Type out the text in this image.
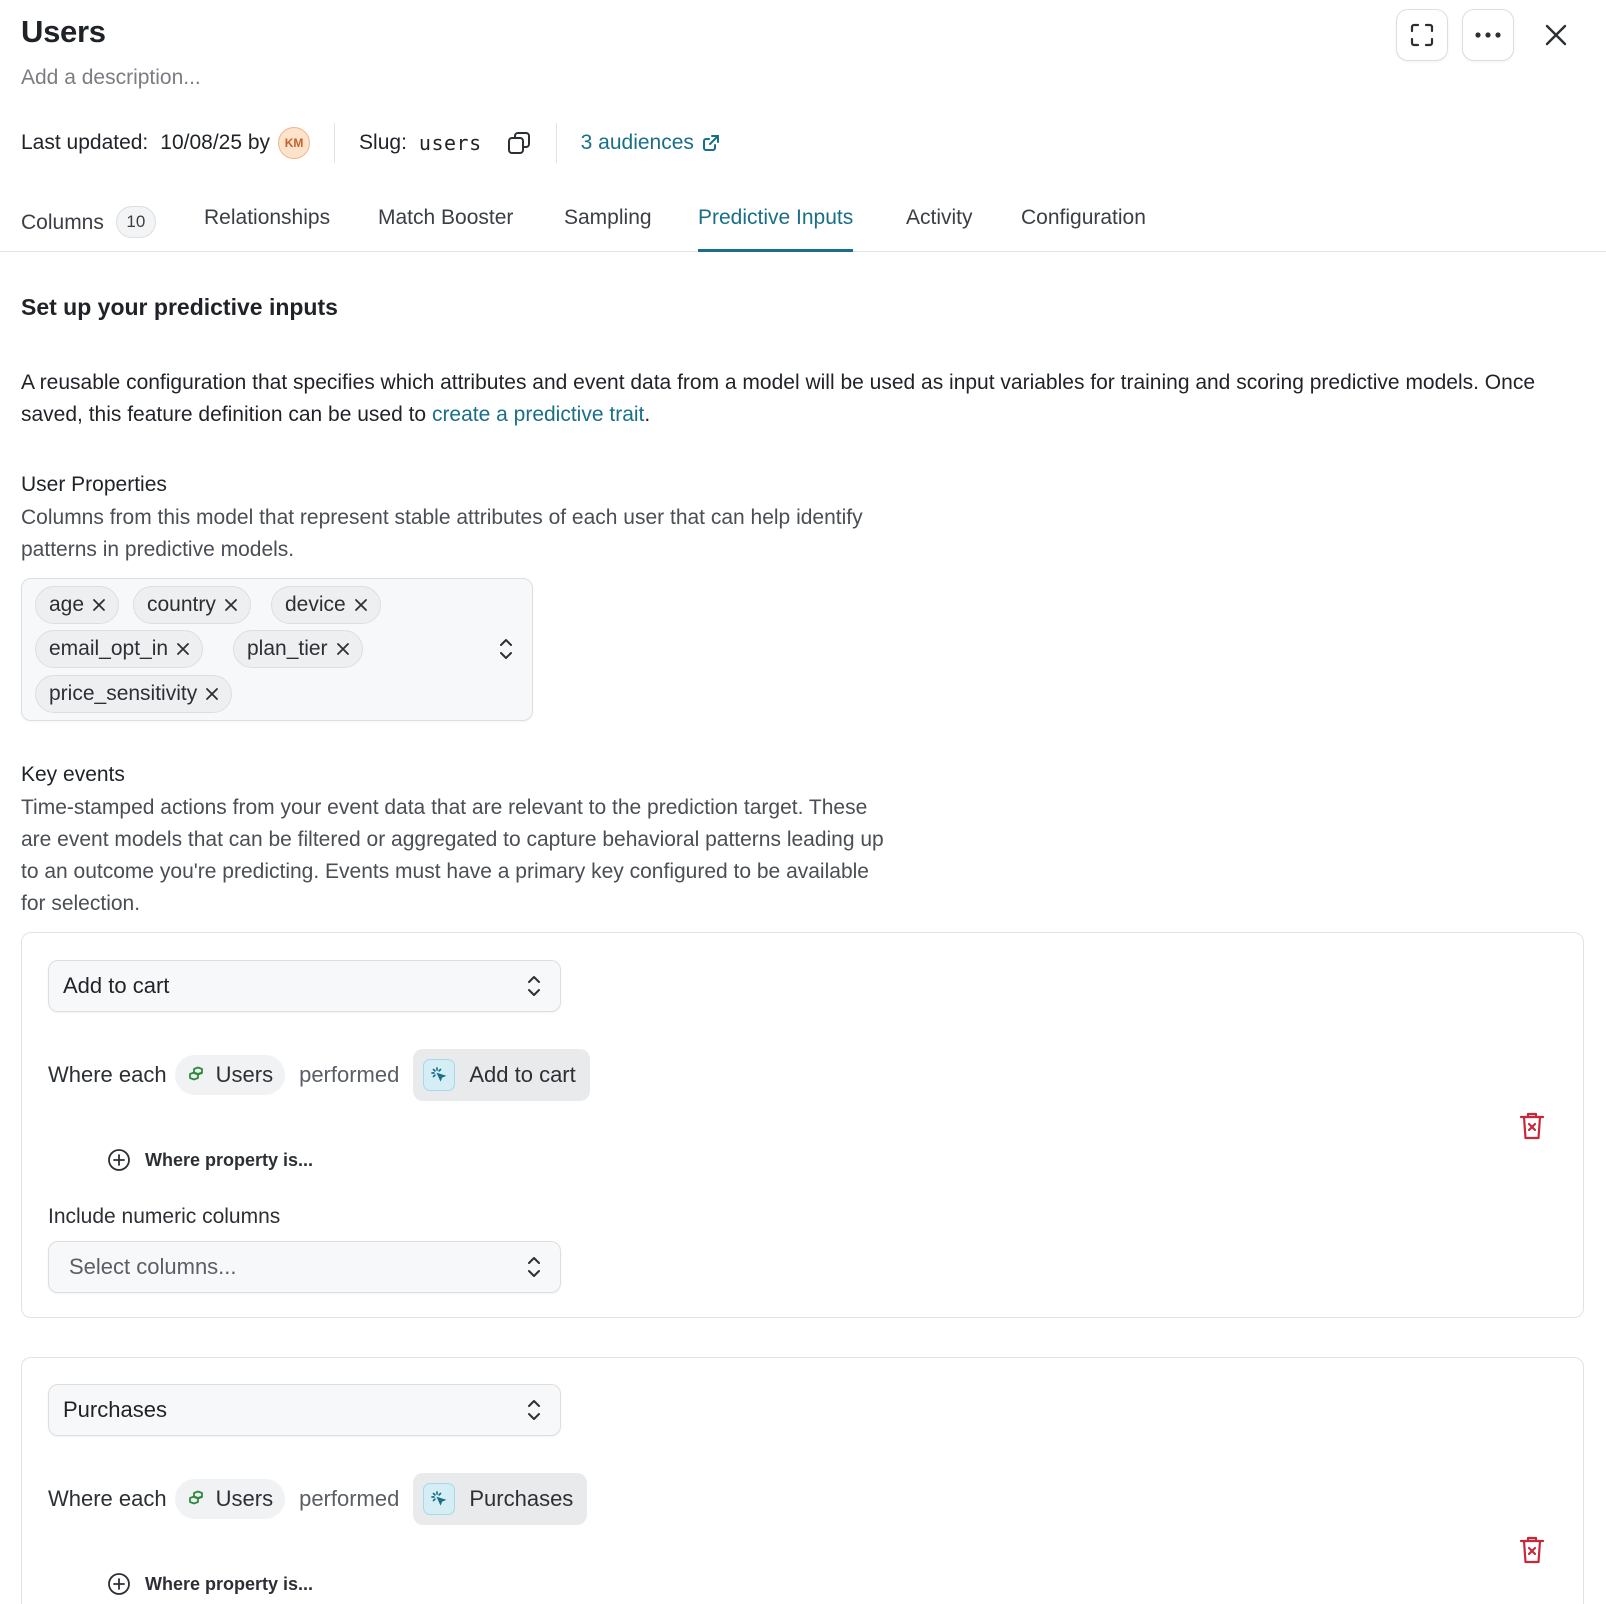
Users
Add a description...
Last updated: 10/08/25 by	KM	Slug: users	3 audiences
Columns 10	Relationships Match Booster Sampling Predictive Inputs	Activity Configuration
Set up your predictive inputs
A reusable configuration that specifies which attributes and event data from a model will be used as input variables for training and scoring predictive models. Once saved, this feature definition can be used to create a predictive trait.
User Properties
Columns from this model that represent stable attributes of each user that can help identify
patterns in predictive models.
age	country	device
email_opt_in	plan_tier
price_sensitivity
Key events
Time-stamped actions from your event data that are relevant to the prediction target. These
are event models that can be filtered or aggregated to capture behavioral patterns leading up
to an outcome you're predicting. Events must have a primary key configured to be available
for selection.
Add to cart
Where each Users performed	Add to cart
Where property is...
Include numeric columns
Select columns...
Purchases
Where each Users performed	Purchases
Where property is...
